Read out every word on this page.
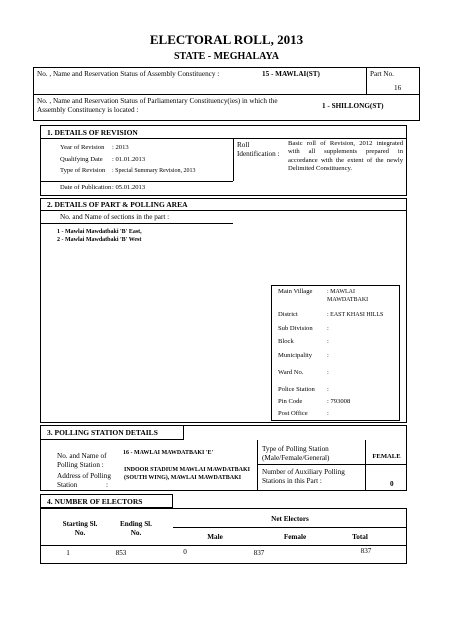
ELECTORAL ROLL, 2013
STATE - MEGHALAYA
No. , Name and Reservation Status of Assembly Constituency :	15 - MAWLAI(ST)	Part No.
16
No. , Name and Reservation Status of Parliamentary Constituency(ies) in which the Assembly Constituency is located :	1 - SHILLONG(ST)
1. DETAILS OF REVISION
Year of Revision : 2013
Qualifying Date : 01.01.2013
Type of Revision : Special Summary Revision, 2013
Date of Publication : 05.01.2013
Roll Identification :
Basic roll of Revision, 2012 integrated with all supplements prepared in accordance with the extent of the newly Delimited Constituency.
2. DETAILS OF PART & POLLING AREA
No. and Name of sections in the part :
1 - Mawlai Mawdatbaki 'B' East,
2 - Mawlai Mawdatbaki 'B' West
Main Village : MAWLAI MAWDATBAKI
District	: EAST KHASI HILLS
Sub Division :
Block	:
Municipality :
Ward No.	:
Police Station :
Pin Code	: 793008
Post Office	:
3. POLLING STATION DETAILS
No. and Name of Polling Station :
16 - MAWLAI MAWDATBAKI 'E'
Address of Polling Station	:
INDOOR STADIUM MAWLAI MAWDATBAKI (SOUTH WING), MAWLAI MAWDATBAKI
Type of Polling Station (Male/Female/General)	FEMALE
Number of Auxiliary Polling Stations in this Part :	0
4. NUMBER OF ELECTORS
Starting Sl. No.
Ending Sl. No.
Net Electors
Male	Female	Total
1	853	0	837	837
